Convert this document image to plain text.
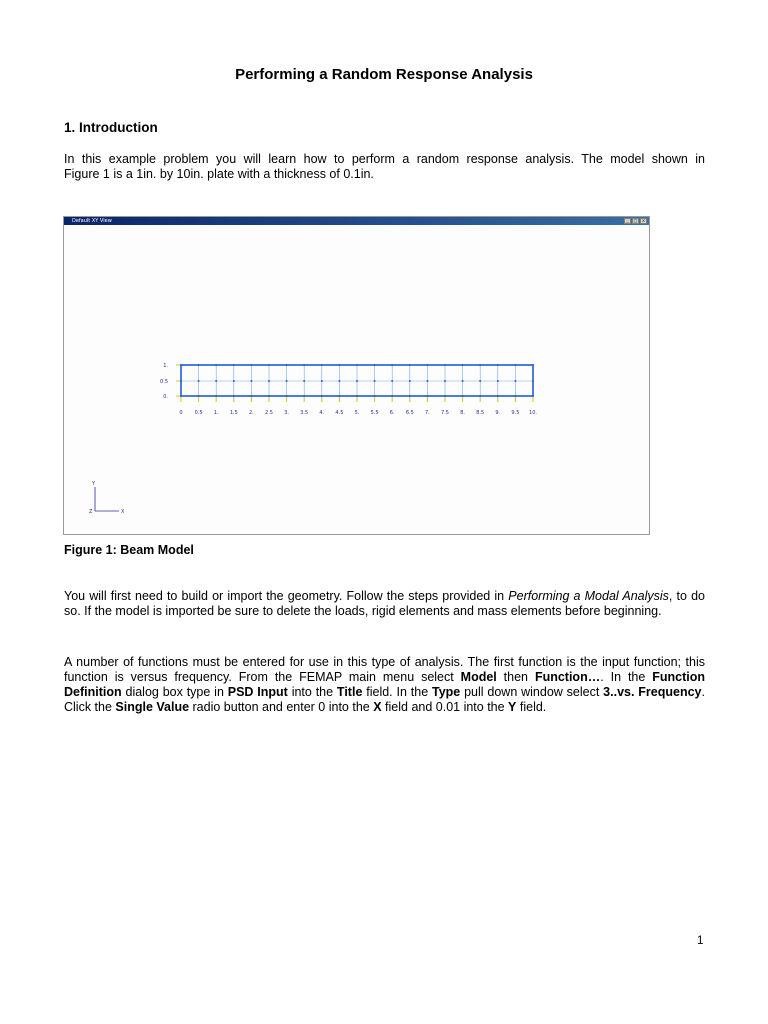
Performing a Random Response Analysis
1. Introduction
In this example problem you will learn how to perform a random response analysis. The model shown in
Figure 1 is a 1in. by 10in. plate with a thickness of 0.1in.
Default XY View	_	□	×
0 0.5 1. 1.5 2. 2.5 3. 3.5 4. 4.5 5. 5.5 6. 6.5 7. 7.5 8. 8.5 9. 9.5 10.
1.
0.5
0.
X
Y
Z
Figure 1: Beam Model

You will first need to build or import the geometry. Follow the steps provided in Performing a Modal Analysis, to do so. If the model is imported be sure to delete the loads, rigid elements and mass elements before beginning.

A number of functions must be entered for use in this type of analysis. The first function is the input function; this function is versus frequency. From the FEMAP main menu select Model then Function…. In the Function Definition dialog box type in PSD Input into the Title field. In the Type pull down window select 3..vs. Frequency. Click the Single Value radio button and enter 0 into the X field and 0.01 into the Y field.

1
